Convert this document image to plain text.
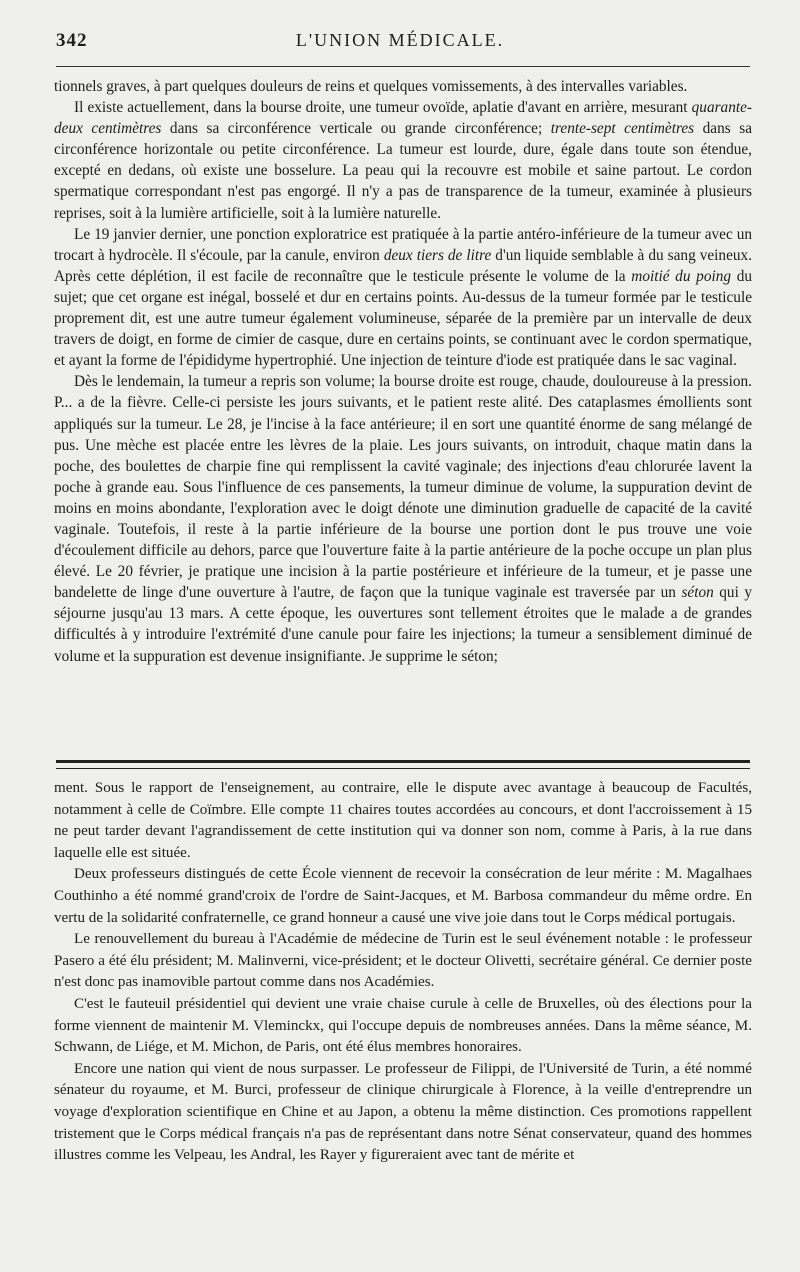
342	L'UNION MÉDICALE.

tionnels graves, à part quelques douleurs de reins et quelques vomissements, à des intervalles variables.

Il existe actuellement, dans la bourse droite, une tumeur ovoïde, aplatie d'avant en arrière, mesurant quarante-deux centimètres dans sa circonférence verticale ou grande circonférence; trente-sept centimètres dans sa circonférence horizontale ou petite circonférence. La tumeur est lourde, dure, égale dans toute son étendue, excepté en dedans, où existe une bosselure. La peau qui la recouvre est mobile et saine partout. Le cordon spermatique correspondant n'est pas engorgé. Il n'y a pas de transparence de la tumeur, examinée à plusieurs reprises, soit à la lumière artificielle, soit à la lumière naturelle.

Le 19 janvier dernier, une ponction exploratrice est pratiquée à la partie antéro-inférieure de la tumeur avec un trocart à hydrocèle. Il s'écoule, par la canule, environ deux tiers de litre d'un liquide semblable à du sang veineux. Après cette déplétion, il est facile de reconnaître que le testicule présente le volume de la moitié du poing du sujet; que cet organe est inégal, bosselé et dur en certains points. Au-dessus de la tumeur formée par le testicule proprement dit, est une autre tumeur également volumineuse, séparée de la première par un intervalle de deux travers de doigt, en forme de cimier de casque, dure en certains points, se continuant avec le cordon spermatique, et ayant la forme de l'épididyme hypertrophié. Une injection de teinture d'iode est pratiquée dans le sac vaginal.

Dès le lendemain, la tumeur a repris son volume; la bourse droite est rouge, chaude, douloureuse à la pression. P... a de la fièvre. Celle-ci persiste les jours suivants, et le patient reste alité. Des cataplasmes émollients sont appliqués sur la tumeur. Le 28, je l'incise à la face antérieure; il en sort une quantité énorme de sang mélangé de pus. Une mèche est placée entre les lèvres de la plaie. Les jours suivants, on introduit, chaque matin dans la poche, des boulettes de charpie fine qui remplissent la cavité vaginale; des injections d'eau chlorurée lavent la poche à grande eau. Sous l'influence de ces pansements, la tumeur diminue de volume, la suppuration devint de moins en moins abondante, l'exploration avec le doigt dénote une diminution graduelle de capacité de la cavité vaginale. Toutefois, il reste à la partie inférieure de la bourse une portion dont le pus trouve une voie d'écoulement difficile au dehors, parce que l'ouverture faite à la partie antérieure de la poche occupe un plan plus élevé. Le 20 février, je pratique une incision à la partie postérieure et inférieure de la tumeur, et je passe une bandelette de linge d'une ouverture à l'autre, de façon que la tunique vaginale est traversée par un séton qui y séjourne jusqu'au 13 mars. A cette époque, les ouvertures sont tellement étroites que le malade a de grandes difficultés à y introduire l'extrémité d'une canule pour faire les injections; la tumeur a sensiblement diminué de volume et la suppuration est devenue insignifiante. Je supprime le séton;

ment. Sous le rapport de l'enseignement, au contraire, elle le dispute avec avantage à beaucoup de Facultés, notamment à celle de Coïmbre. Elle compte 11 chaires toutes accordées au concours, et dont l'accroissement à 15 ne peut tarder devant l'agrandissement de cette institution qui va donner son nom, comme à Paris, à la rue dans laquelle elle est située.

Deux professeurs distingués de cette École viennent de recevoir la consécration de leur mérite : M. Magalhaes Couthinho a été nommé grand'croix de l'ordre de Saint-Jacques, et M. Barbosa commandeur du même ordre. En vertu de la solidarité confraternelle, ce grand honneur a causé une vive joie dans tout le Corps médical portugais.

Le renouvellement du bureau à l'Académie de médecine de Turin est le seul événement notable : le professeur Pasero a été élu président; M. Malinverni, vice-président; et le docteur Olivetti, secrétaire général. Ce dernier poste n'est donc pas inamovible partout comme dans nos Académies.

C'est le fauteuil présidentiel qui devient une vraie chaise curule à celle de Bruxelles, où des élections pour la forme viennent de maintenir M. Vleminckx, qui l'occupe depuis de nombreuses années. Dans la même séance, M. Schwann, de Liége, et M. Michon, de Paris, ont été élus membres honoraires.

Encore une nation qui vient de nous surpasser. Le professeur de Filippi, de l'Université de Turin, a été nommé sénateur du royaume, et M. Burci, professeur de clinique chirurgicale à Florence, à la veille d'entreprendre un voyage d'exploration scientifique en Chine et au Japon, a obtenu la même distinction. Ces promotions rappellent tristement que le Corps médical français n'a pas de représentant dans notre Sénat conservateur, quand des hommes illustres comme les Velpeau, les Andral, les Rayer y figureraient avec tant de mérite et
